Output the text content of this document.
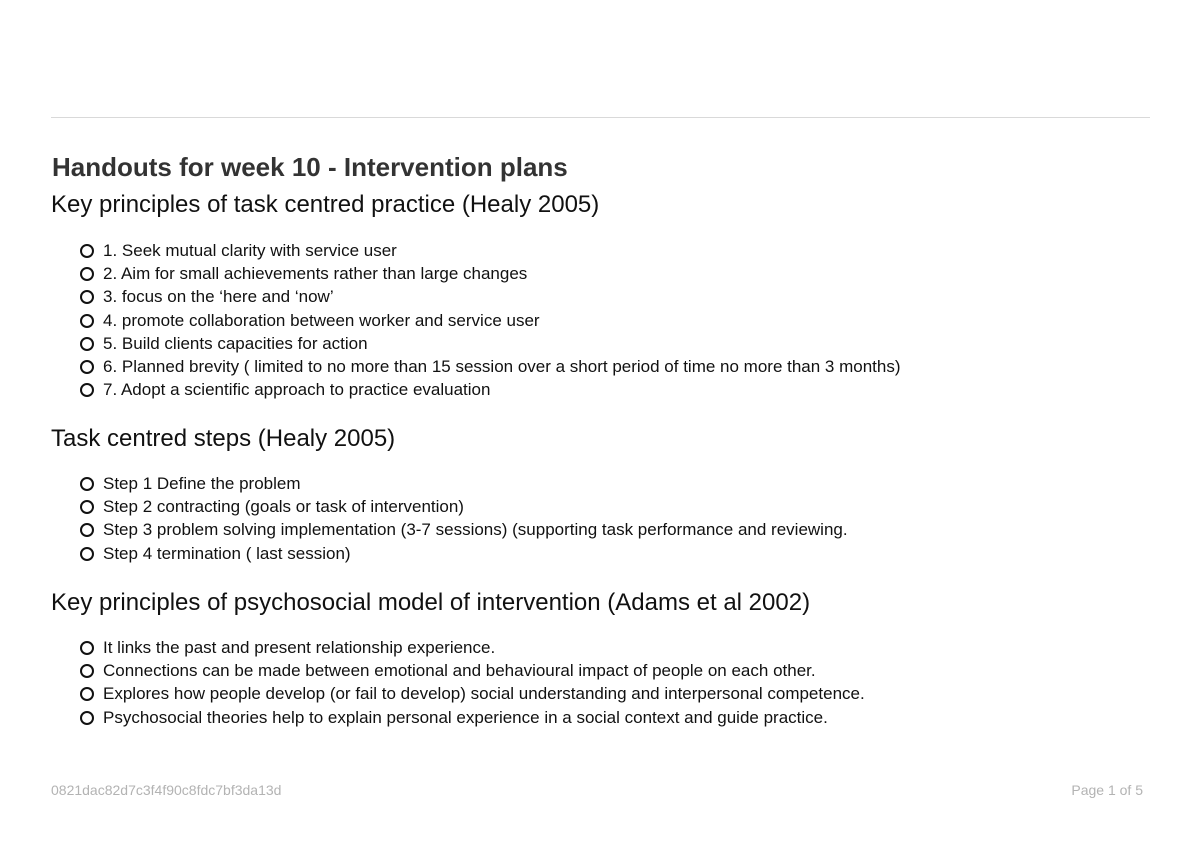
Handouts for week 10 - Intervention plans
Key principles of task centred practice (Healy 2005)
1. Seek mutual clarity with service user
2. Aim for small achievements rather than large changes
3. focus on the ‘here and ‘now’
4. promote collaboration between worker and service user
5. Build clients capacities for action
6. Planned brevity ( limited to no more than 15 session over a short period of time no more than 3 months)
7. Adopt a scientific approach to practice evaluation
Task centred steps (Healy 2005)
Step 1 Define the problem
Step 2 contracting (goals or task of intervention)
Step 3 problem solving implementation (3-7 sessions) (supporting task performance and reviewing.
Step 4 termination ( last session)
Key principles of psychosocial model of intervention (Adams et al 2002)
It links the past and present relationship experience.
Connections can be made between emotional and behavioural impact of people on each other.
Explores how people develop (or fail to develop) social understanding and interpersonal competence.
Psychosocial theories help to explain personal experience in a social context and guide practice.
0821dac82d7c3f4f90c8fdc7bf3da13d	Page 1 of 5
